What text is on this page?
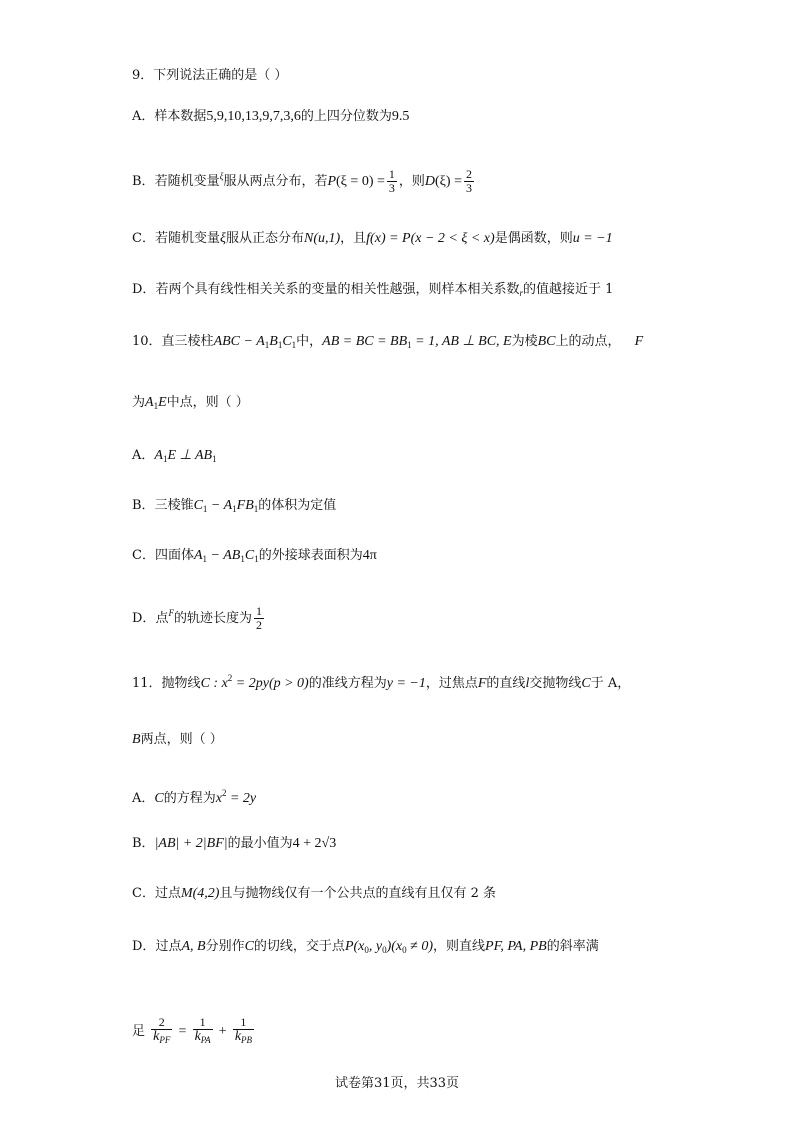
9．下列说法正确的是（ ）
A．样本数据5,9,10,13,9,7,3,6的上四分位数为9.5
B．若随机变量$^\xi$服从两点分布，若$P(\xi = 0) = \frac{1}{3}$ ，则$D(\xi) = \frac{2}{3}$
C．若随机变量ξ服从正态分布N(u,1)，且f(x) = P(x − 2 < ξ < x)是偶函数，则u = −1
D．若两个具有线性相关关系的变量的相关性越强，则样本相关系数$_r$的值越接近于 1
10．直三棱柱ABC − $A_1B_1C_1$中，AB = BC = $BB_1 = 1$, AB ⊥ BC, E为棱BC上的动点， F
为$A_1E$中点，则（ ）
A．$A_1E$ ⊥ $AB_1$
B．三棱锥$C_1 - A_1FB_1$的体积为定值
C．四面体$A_1 - AB_1C_1$的外接球表面积为4π
D．点$^F$的轨迹长度为 $\frac{1}{2}$
11．抛物线C : $x^2 = 2py(p > 0)$的准线方程为y = −1，过焦点F的直线l交抛物线C于 A，
B两点，则（ ）
A．C的方程为$x^2 = 2y$
B．|AB| + 2|BF|的最小值为4 + 2√3
C．过点M(4,2)且与抛物线仅有一个公共点的直线有且仅有 2 条
D．过点A, B分别作C的切线，交于点$P(x_0$, $y_0)(x_0 \ne 0)$，则直线PF, PA, PB的斜率满
足 $\frac{2}{k_{PF}} = \frac{1}{k_{PA}} + \frac{1}{k_{PB}}$
试卷第31页，共33页
